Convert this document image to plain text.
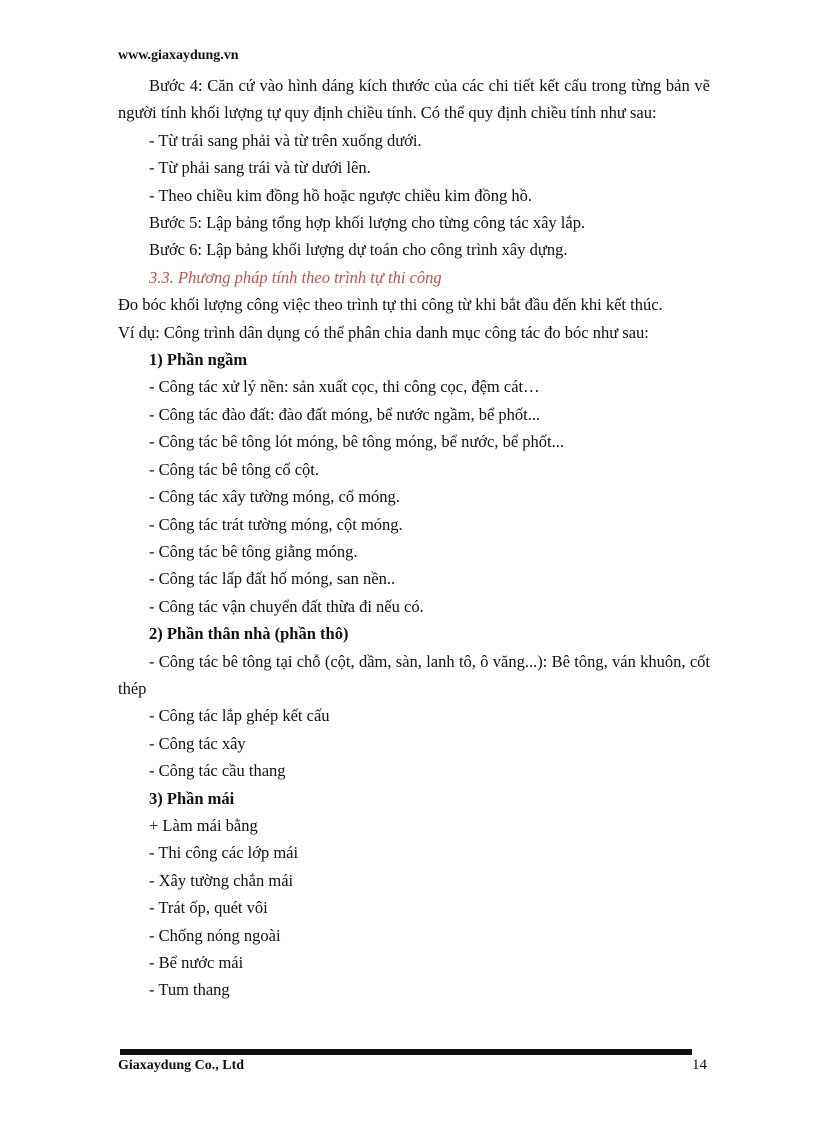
www.giaxaydung.vn

Bước 4: Căn cứ vào hình dáng kích thước của các chi tiết kết cấu trong từng bản vẽ người tính khối lượng tự quy định chiều tính. Có thể quy định chiều tính như sau:

- Từ trái sang phải và từ trên xuống dưới.

- Từ phải sang trái và từ dưới lên.

- Theo chiều kim đồng hồ hoặc ngược chiều kim đồng hồ.

Bước 5: Lập bảng tổng hợp khối lượng cho từng công tác xây lắp.

Bước 6: Lập bảng khối lượng dự toán cho công trình xây dựng.

3.3. Phương pháp tính theo trình tự thi công

Đo bóc khối lượng công việc theo trình tự thi công từ khi bắt đầu đến khi kết thúc.

Ví dụ: Công trình dân dụng có thể phân chia danh mục công tác đo bóc như sau:

1) Phần ngầm

- Công tác xử lý nền: sản xuất cọc, thi công cọc, đệm cát…

- Công tác đào đất: đào đất móng, bể nước ngầm, bể phốt...

- Công tác bê tông lót móng, bê tông móng, bể nước, bể phốt...

- Công tác bê tông cổ cột.

- Công tác xây tường móng, cổ móng.

- Công tác trát tường móng, cột móng.

- Công tác bê tông giằng móng.

- Công tác lấp đất hố móng, san nền..

- Công tác vận chuyển đất thừa đi nếu có.

2) Phần thân nhà (phần thô)

- Công tác bê tông tại chỗ (cột, dầm, sàn, lanh tô, ô văng...): Bê tông, ván khuôn, cốt thép

- Công tác lắp ghép kết cấu

- Công tác xây

- Công tác cầu thang

3) Phần mái

+ Làm mái bằng

- Thi công các lớp mái

- Xây tường chắn mái

- Trát ốp, quét vôi

- Chống nóng ngoài

- Bể nước mái

- Tum thang

Giaxaydung Co., Ltd	14
